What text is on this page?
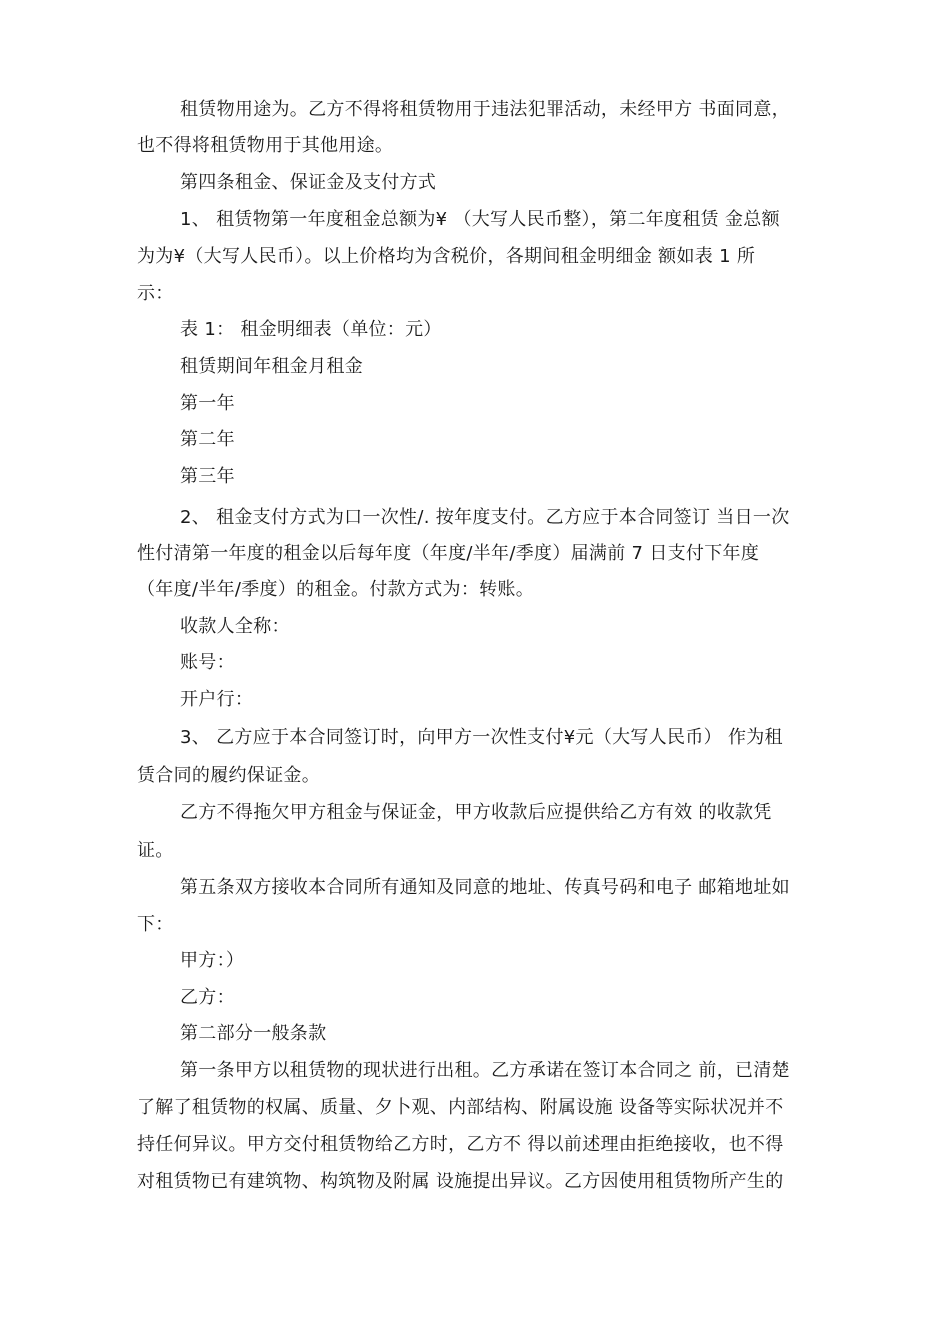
租赁物用途为。乙方不得将租赁物用于违法犯罪活动，未经甲方 书面同意，
也不得将租赁物用于其他用途。
第四条租金、保证金及支付方式
1、 租赁物第一年度租金总额为¥ （大写人民币整），第二年度租赁 金总额
为为¥（大写人民币）。以上价格均为含税价，各期间租金明细金 额如表 1 所
示：
表 1： 租金明细表（单位：元）
租赁期间年租金月租金
第一年
第二年
第三年
2、 租金支付方式为口一次性/. 按年度支付。乙方应于本合同签订 当日一次
性付清第一年度的租金以后每年度（年度/半年/季度）届满前 7 日支付下年度
（年度/半年/季度）的租金。付款方式为：转账。
收款人全称：
账号：
开户行：
3、 乙方应于本合同签订时，向甲方一次性支付¥元（大写人民币） 作为租
赁合同的履约保证金。
乙方不得拖欠甲方租金与保证金，甲方收款后应提供给乙方有效 的收款凭
证。
第五条双方接收本合同所有通知及同意的地址、传真号码和电子 邮箱地址如
下：
甲方：）
乙方：
第二部分一般条款
第一条甲方以租赁物的现状进行出租。乙方承诺在签订本合同之 前，已清楚
了解了租赁物的权属、质量、夕卜观、内部结构、附属设施 设备等实际状况并不
持任何异议。甲方交付租赁物给乙方时，乙方不 得以前述理由拒绝接收，也不得
对租赁物已有建筑物、构筑物及附属 设施提出异议。乙方因使用租赁物所产生的
